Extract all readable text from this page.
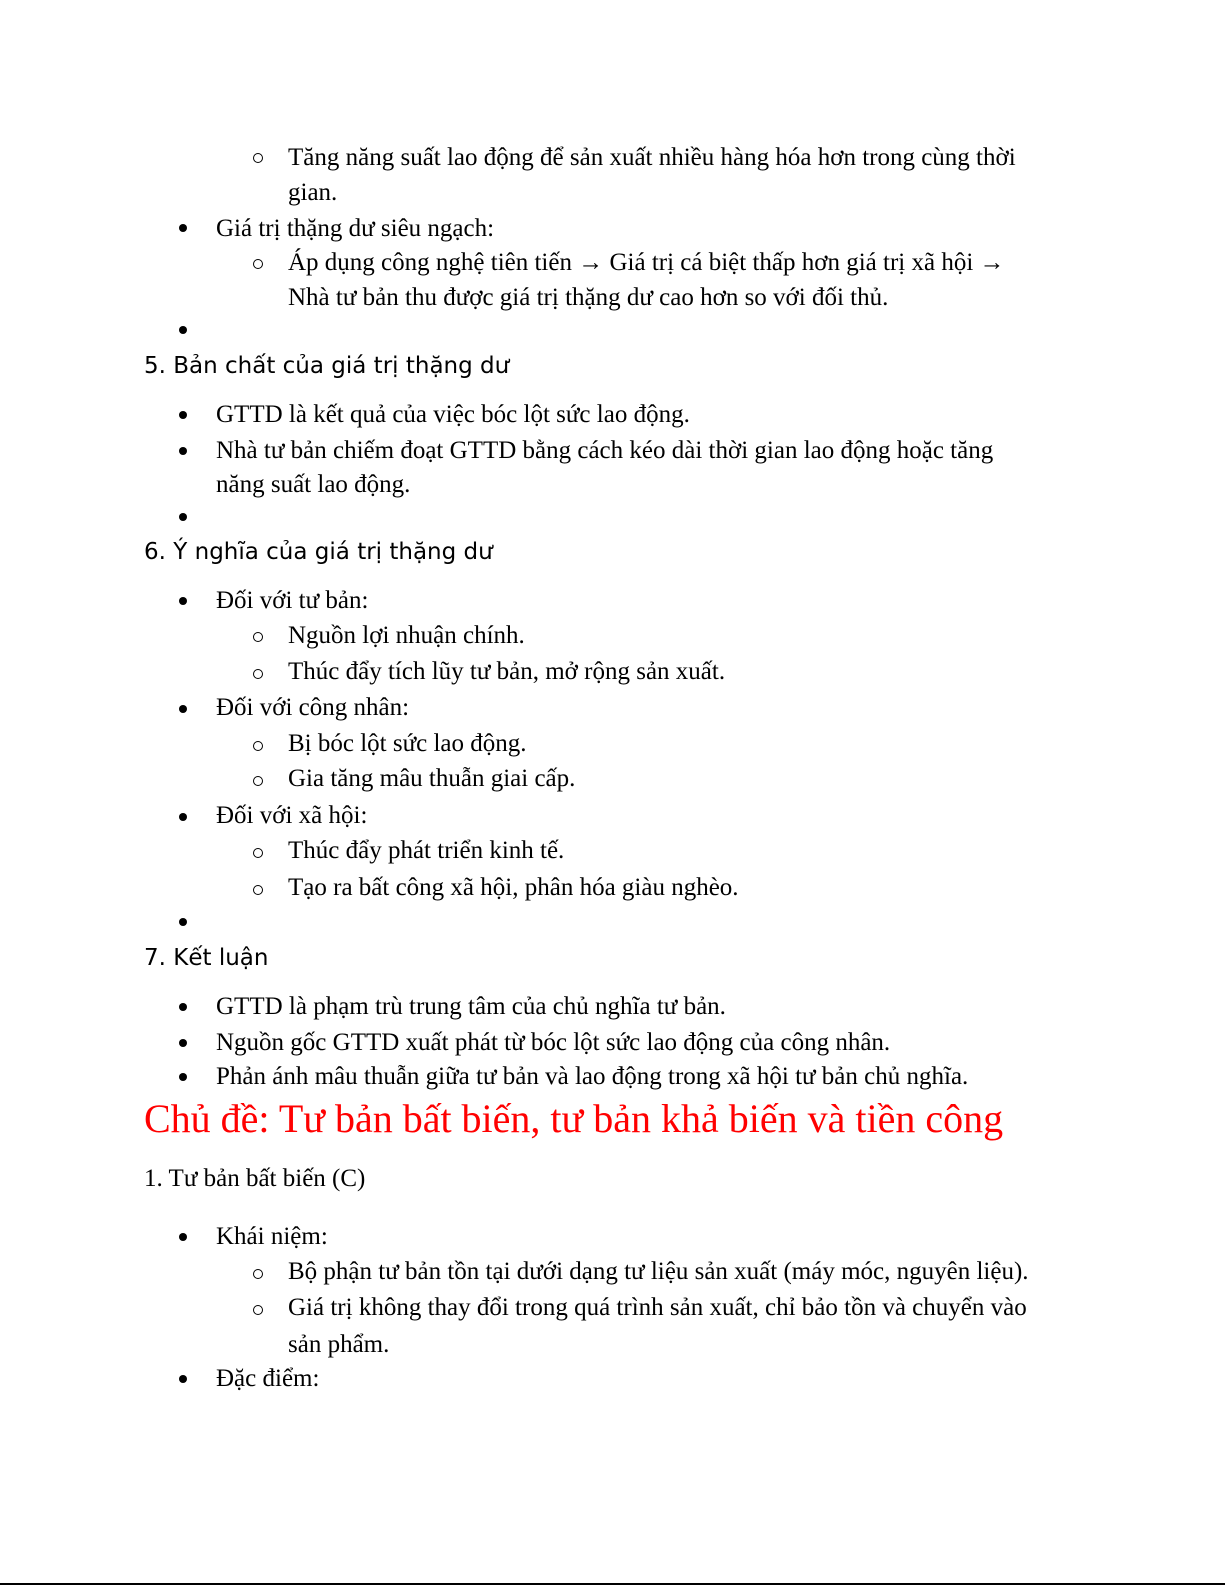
Tăng năng suất lao động để sản xuất nhiều hàng hóa hơn trong cùng thời
gian.
Giá trị thặng dư siêu ngạch:
Áp dụng công nghệ tiên tiến → Giá trị cá biệt thấp hơn giá trị xã hội →
Nhà tư bản thu được giá trị thặng dư cao hơn so với đối thủ.
5. Bản chất của giá trị thặng dư
GTTD là kết quả của việc bóc lột sức lao động.
Nhà tư bản chiếm đoạt GTTD bằng cách kéo dài thời gian lao động hoặc tăng
năng suất lao động.
6. Ý nghĩa của giá trị thặng dư
Đối với tư bản:
Nguồn lợi nhuận chính.
Thúc đẩy tích lũy tư bản, mở rộng sản xuất.
Đối với công nhân:
Bị bóc lột sức lao động.
Gia tăng mâu thuẫn giai cấp.
Đối với xã hội:
Thúc đẩy phát triển kinh tế.
Tạo ra bất công xã hội, phân hóa giàu nghèo.
7. Kết luận
GTTD là phạm trù trung tâm của chủ nghĩa tư bản.
Nguồn gốc GTTD xuất phát từ bóc lột sức lao động của công nhân.
Phản ánh mâu thuẫn giữa tư bản và lao động trong xã hội tư bản chủ nghĩa.
Chủ đề: Tư bản bất biến, tư bản khả biến và tiền công
1. Tư bản bất biến (C)
Khái niệm:
Bộ phận tư bản tồn tại dưới dạng tư liệu sản xuất (máy móc, nguyên liệu).
Giá trị không thay đổi trong quá trình sản xuất, chỉ bảo tồn và chuyển vào
sản phẩm.
Đặc điểm:
